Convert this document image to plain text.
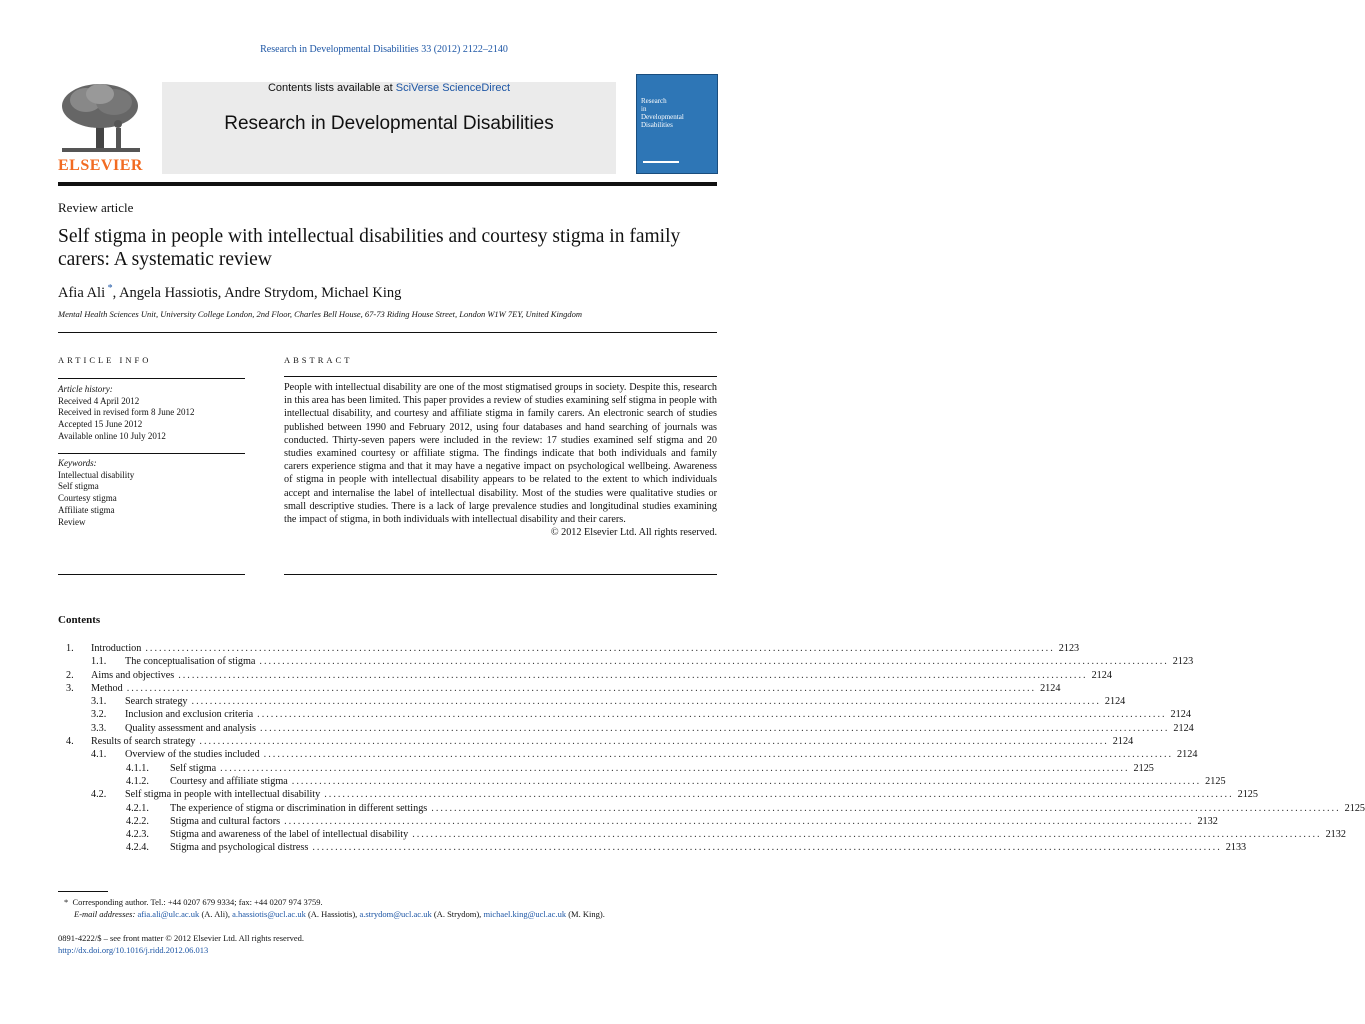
Research in Developmental Disabilities 33 (2012) 2122–2140
ELSEVIER
Contents lists available at SciVerse ScienceDirect
Research in Developmental Disabilities
Research
in
Developmental
Disabilities
Review article
Self stigma in people with intellectual disabilities and courtesy stigma in family carers: A systematic review
Afia Ali *, Angela Hassiotis, Andre Strydom, Michael King
Mental Health Sciences Unit, University College London, 2nd Floor, Charles Bell House, 67-73 Riding House Street, London W1W 7EY, United Kingdom
ARTICLE INFO
Article history:
Received 4 April 2012
Received in revised form 8 June 2012
Accepted 15 June 2012
Available online 10 July 2012
Keywords:
Intellectual disability
Self stigma
Courtesy stigma
Affiliate stigma
Review
ABSTRACT
People with intellectual disability are one of the most stigmatised groups in society. Despite this, research in this area has been limited. This paper provides a review of studies examining self stigma in people with intellectual disability, and courtesy and affiliate stigma in family carers. An electronic search of studies published between 1990 and February 2012, using four databases and hand searching of journals was conducted. Thirty-seven papers were included in the review: 17 studies examined self stigma and 20 studies examined courtesy or affiliate stigma. The findings indicate that both individuals and family carers experience stigma and that it may have a negative impact on psychological wellbeing. Awareness of stigma in people with intellectual disability appears to be related to the extent to which individuals accept and internalise the label of intellectual disability. Most of the studies were qualitative studies or small descriptive studies. There is a lack of large prevalence studies and longitudinal studies examining the impact of stigma, in both individuals with intellectual disability and their carers.
© 2012 Elsevier Ltd. All rights reserved.
Contents
1. Introduction ........................................................................................................................................................................................................ 2123
1.1. The conceptualisation of stigma ........................................................................................................................................................................................................ 2123
2. Aims and objectives ........................................................................................................................................................................................................ 2124
3. Method ........................................................................................................................................................................................................ 2124
3.1. Search strategy ........................................................................................................................................................................................................ 2124
3.2. Inclusion and exclusion criteria ........................................................................................................................................................................................................ 2124
3.3. Quality assessment and analysis ........................................................................................................................................................................................................ 2124
4. Results of search strategy ........................................................................................................................................................................................................ 2124
4.1. Overview of the studies included ........................................................................................................................................................................................................ 2124
4.1.1. Self stigma ........................................................................................................................................................................................................ 2125
4.1.2. Courtesy and affiliate stigma ........................................................................................................................................................................................................ 2125
4.2. Self stigma in people with intellectual disability ........................................................................................................................................................................................................ 2125
4.2.1. The experience of stigma or discrimination in different settings ........................................................................................................................................................................................................ 2125
4.2.2. Stigma and cultural factors ........................................................................................................................................................................................................ 2132
4.2.3. Stigma and awareness of the label of intellectual disability ........................................................................................................................................................................................................ 2132
4.2.4. Stigma and psychological distress ........................................................................................................................................................................................................ 2133
* Corresponding author. Tel.: +44 0207 679 9334; fax: +44 0207 974 3759.
E-mail addresses: afia.ali@ulc.ac.uk (A. Ali), a.hassiotis@ucl.ac.uk (A. Hassiotis), a.strydom@ucl.ac.uk (A. Strydom), michael.king@ucl.ac.uk (M. King).
0891-4222/$ – see front matter © 2012 Elsevier Ltd. All rights reserved.
http://dx.doi.org/10.1016/j.ridd.2012.06.013
